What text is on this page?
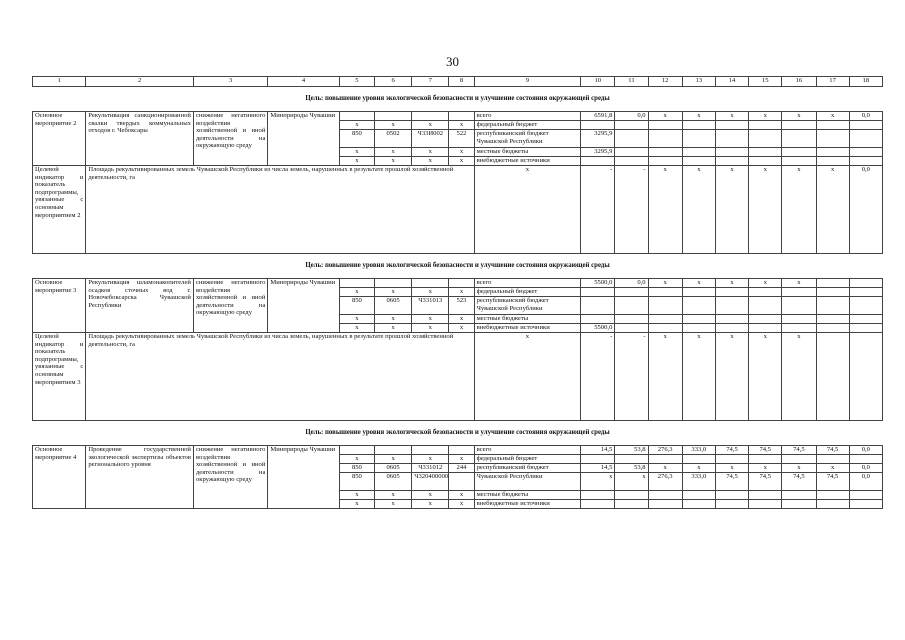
30
1	2	3	4	5	6	7	8	9	10	11	12	13	14	15	16	17	18
Цель: повышение уровня экологической безопасности и улучшение состояния окружающей среды																	
Основное мероприятие 2	Рекультивация санкционированной свалки твердых коммунальных отходов г. Чебоксары	снижение негативного воздействия хозяйственной и иной деятельности на окружающую среду	Минприроды Чувашии					всего	6591,8	0,0	x	x	x	x	x	x	0,0
				x	x	x	x	федеральный бюджет									
				850	0502	Ч33И002	522	республиканский бюджет Чувашской Республики	3295,9								
				x	x	x	x	местные бюджеты	3295,9								
				x	x	x	x	внебюджетные источники									
Целевой индикатор и показатель подпрограммы, увязанные с основным мероприятием 2	Площадь рекультивированных земель Чувашской Республики из числа земель, нарушенных в результате прошлой хозяйственной деятельности, га							x	-	-	x	x	x	x	x	x	0,0
Цель: повышение уровня экологической безопасности и улучшение состояния окружающей среды																	
Основное мероприятие 3	Рекультивация шламонакопителей осадков сточных вод г. Новочебоксарска Чувашской Республики	снижение негативного воздействия хозяйственной и иной деятельности на окружающую среду	Минприроды Чувашии					всего	5500,0	0,0	x	x	x	x	x		
				x	x	x	x	федеральный бюджет									
				850	0605	Ч331013	523	республиканский бюджет Чувашской Республики									
				x	x	x	x	местные бюджеты									
				x	x	x	x	внебюджетные источники	5500,0								
Целевой индикатор и показатель подпрограммы, увязанные с основным мероприятием 3	Площадь рекультивированных земель Чувашской Республики из числа земель, нарушенных в результате прошлой хозяйственной деятельности, га							x	-	-	x	x	x	x	x		
Цель: повышение уровня экологической безопасности и улучшение состояния окружающей среды																	
Основное мероприятие 4	Проведение государственной экологической экспертизы объектов регионального уровня	снижение негативного воздействия хозяйственной и иной деятельности на окружающую среду	Минприроды Чувашии					всего	14,5	53,8	276,3	333,0	74,5	74,5	74,5	74,5	0,0
				x	x	x	x	федеральный бюджет									
				850	0605	Ч331012	244	республиканский бюджет	14,5	53,8	x	x	x	x	x	x	0,0
				850	0605	Ч320400000		Чувашской Республики	x	x	276,3	333,0	74,5	74,5	74,5	74,5	0,0
				x	x	x	x	местные бюджеты									
				x	x	x	x	внебюджетные источники									
